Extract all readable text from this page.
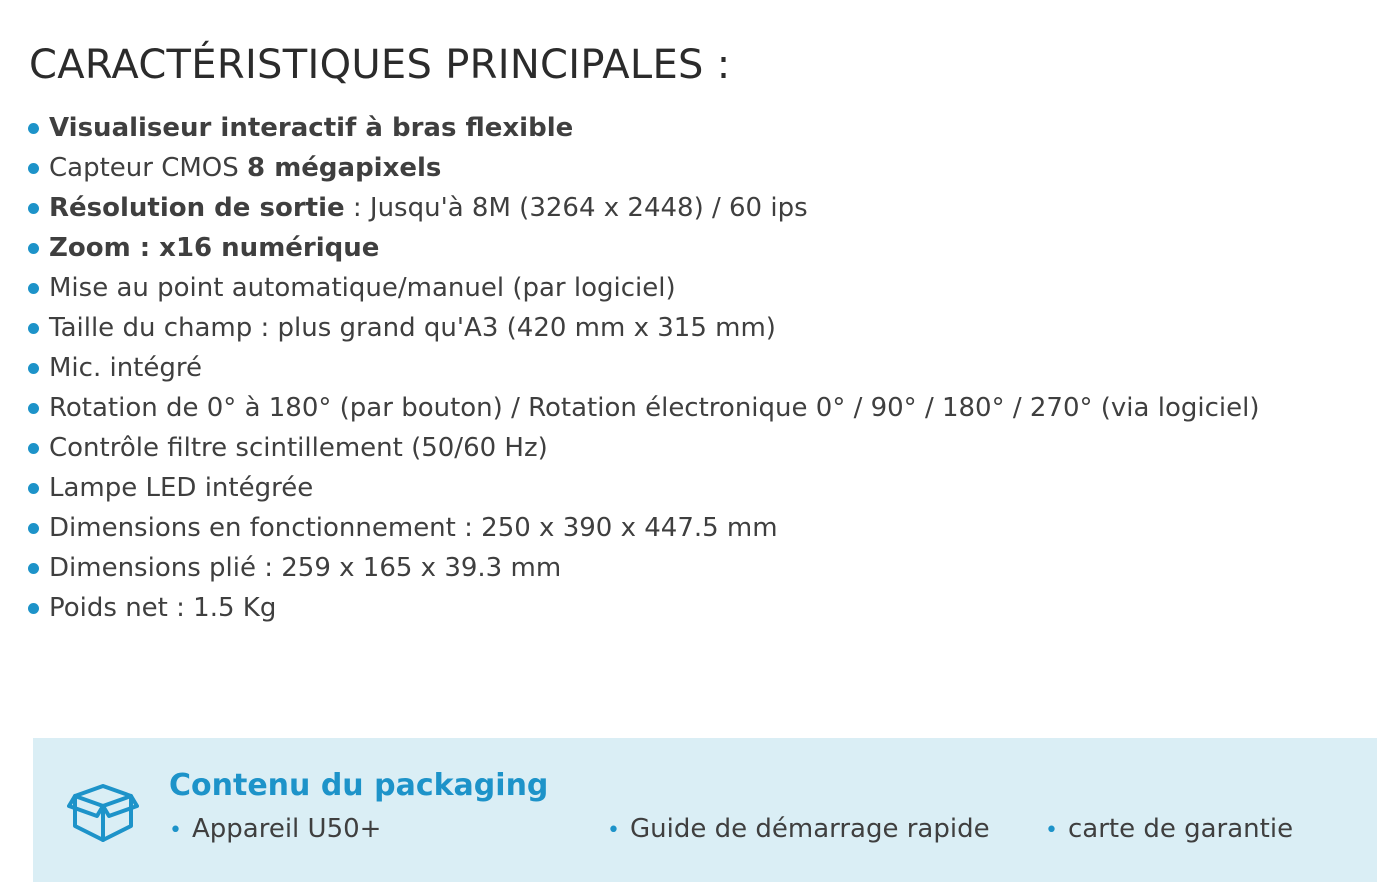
CARACTÉRISTIQUES PRINCIPALES :
Visualiseur interactif à bras flexible
Capteur CMOS 8 mégapixels
Résolution de sortie : Jusqu'à 8M (3264 x 2448) / 60 ips
Zoom : x16 numérique
Mise au point automatique/manuel (par logiciel)
Taille du champ : plus grand qu'A3 (420 mm x 315 mm)
Mic. intégré
Rotation de 0° à 180° (par bouton) / Rotation électronique 0° / 90° / 180° / 270° (via logiciel)
Contrôle filtre scintillement (50/60 Hz)
Lampe LED intégrée
Dimensions en fonctionnement : 250 x 390 x 447.5 mm
Dimensions plié : 259 x 165 x 39.3 mm
Poids net : 1.5 Kg
Contenu du packaging
• Appareil U50+	• Guide de démarrage rapide	• carte de garantie
